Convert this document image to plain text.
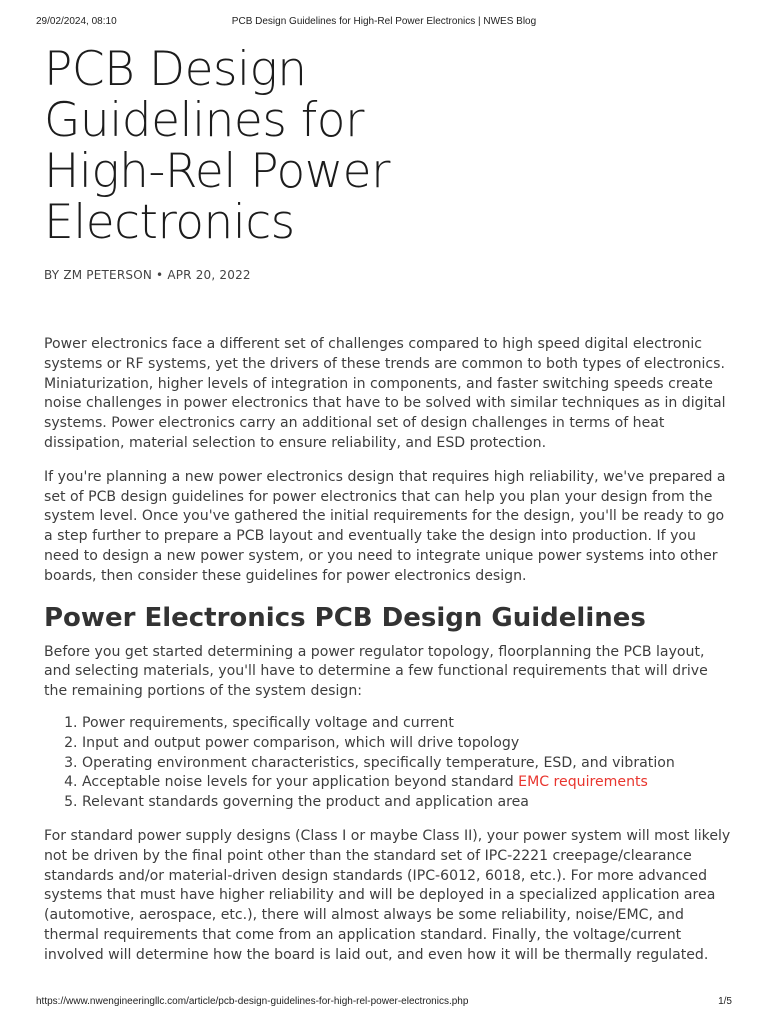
29/02/2024, 08:10	PCB Design Guidelines for High-Rel Power Electronics | NWES Blog
PCB Design Guidelines for High-Rel Power Electronics
BY ZM PETERSON • APR 20, 2022

Power electronics face a different set of challenges compared to high speed digital electronic systems or RF systems, yet the drivers of these trends are common to both types of electronics. Miniaturization, higher levels of integration in components, and faster switching speeds create noise challenges in power electronics that have to be solved with similar techniques as in digital systems. Power electronics carry an additional set of design challenges in terms of heat dissipation, material selection to ensure reliability, and ESD protection.

If you're planning a new power electronics design that requires high reliability, we've prepared a set of PCB design guidelines for power electronics that can help you plan your design from the system level. Once you've gathered the initial requirements for the design, you'll be ready to go a step further to prepare a PCB layout and eventually take the design into production. If you need to design a new power system, or you need to integrate unique power systems into other boards, then consider these guidelines for power electronics design.

Power Electronics PCB Design Guidelines

Before you get started determining a power regulator topology, floorplanning the PCB layout, and selecting materials, you'll have to determine a few functional requirements that will drive the remaining portions of the system design:

1. Power requirements, specifically voltage and current
2. Input and output power comparison, which will drive topology
3. Operating environment characteristics, specifically temperature, ESD, and vibration
4. Acceptable noise levels for your application beyond standard EMC requirements
5. Relevant standards governing the product and application area

For standard power supply designs (Class I or maybe Class II), your power system will most likely not be driven by the final point other than the standard set of IPC-2221 creepage/clearance standards and/or material-driven design standards (IPC-6012, 6018, etc.). For more advanced systems that must have higher reliability and will be deployed in a specialized application area (automotive, aerospace, etc.), there will almost always be some reliability, noise/EMC, and thermal requirements that come from an application standard. Finally, the voltage/current involved will determine how the board is laid out, and even how it will be thermally regulated.

https://www.nwengineeringllc.com/article/pcb-design-guidelines-for-high-rel-power-electronics.php	1/5
